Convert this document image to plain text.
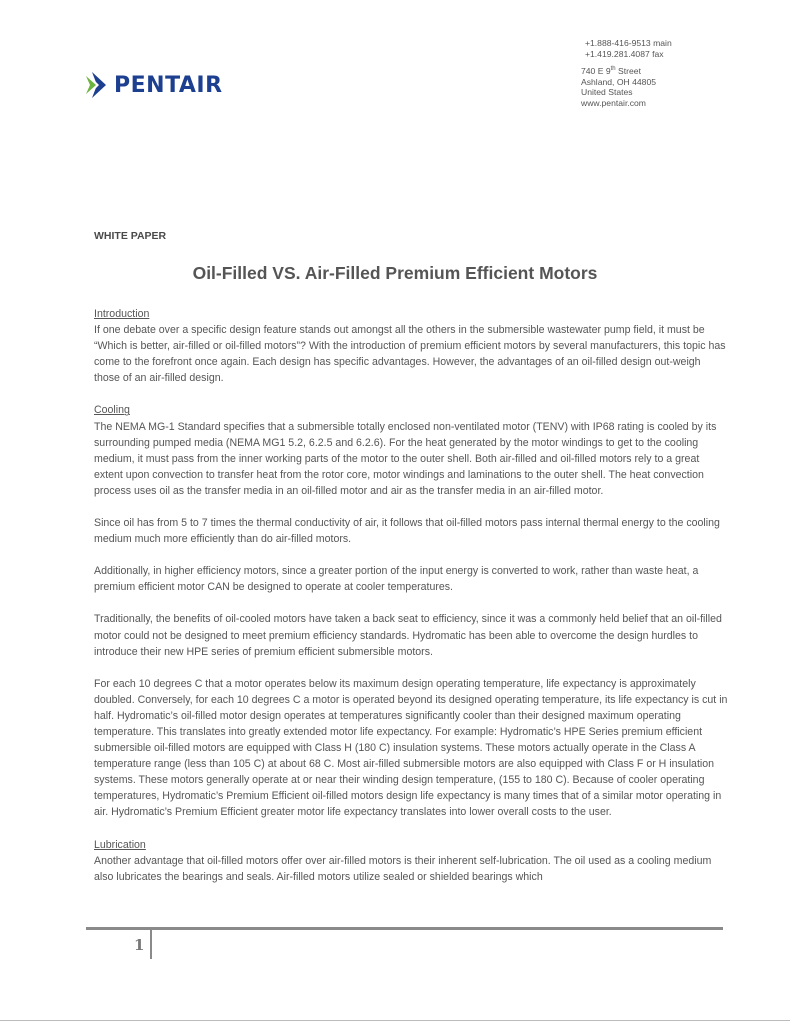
PENTAIR
+1.888-416-9513 main
+1.419.281.4087 fax
740 E 9th Street
Ashland, OH 44805
United States
www.pentair.com
WHITE PAPER
Oil-Filled VS. Air-Filled Premium Efficient Motors
Introduction

If one debate over a specific design feature stands out amongst all the others in the submersible wastewater pump field, it must be “Which is better, air-filled or oil-filled motors”? With the introduction of premium efficient motors by several manufacturers, this topic has come to the forefront once again. Each design has specific advantages. However, the advantages of an oil-filled design out-weigh those of an air-filled design.

Cooling

The NEMA MG-1 Standard specifies that a submersible totally enclosed non-ventilated motor (TENV) with IP68 rating is cooled by its surrounding pumped media (NEMA MG1 5.2, 6.2.5 and 6.2.6). For the heat generated by the motor windings to get to the cooling medium, it must pass from the inner working parts of the motor to the outer shell. Both air-filled and oil-filled motors rely to a great extent upon convection to transfer heat from the rotor core, motor windings and laminations to the outer shell. The heat convection process uses oil as the transfer media in an oil-filled motor and air as the transfer media in an air-filled motor.

Since oil has from 5 to 7 times the thermal conductivity of air, it follows that oil-filled motors pass internal thermal energy to the cooling medium much more efficiently than do air-filled motors.

Additionally, in higher efficiency motors, since a greater portion of the input energy is converted to work, rather than waste heat, a premium efficient motor CAN be designed to operate at cooler temperatures.

Traditionally, the benefits of oil-cooled motors have taken a back seat to efficiency, since it was a commonly held belief that an oil-filled motor could not be designed to meet premium efficiency standards. Hydromatic has been able to overcome the design hurdles to introduce their new HPE series of premium efficient submersible motors.

For each 10 degrees C that a motor operates below its maximum design operating temperature, life expectancy is approximately doubled. Conversely, for each 10 degrees C a motor is operated beyond its designed operating temperature, its life expectancy is cut in half. Hydromatic’s oil-filled motor design operates at temperatures significantly cooler than their designed maximum operating temperature. This translates into greatly extended motor life expectancy. For example: Hydromatic’s HPE Series premium efficient submersible oil-filled motors are equipped with Class H (180 C) insulation systems. These motors actually operate in the Class A temperature range (less than 105 C) at about 68 C. Most air-filled submersible motors are also equipped with Class F or H insulation systems. These motors generally operate at or near their winding design temperature, (155 to 180 C). Because of cooler operating temperatures, Hydromatic’s Premium Efficient oil-filled motors design life expectancy is many times that of a similar motor operating in air. Hydromatic’s Premium Efficient greater motor life expectancy translates into lower overall costs to the user.

Lubrication

Another advantage that oil-filled motors offer over air-filled motors is their inherent self-lubrication. The oil used as a cooling medium also lubricates the bearings and seals. Air-filled motors utilize sealed or shielded bearings which

1
